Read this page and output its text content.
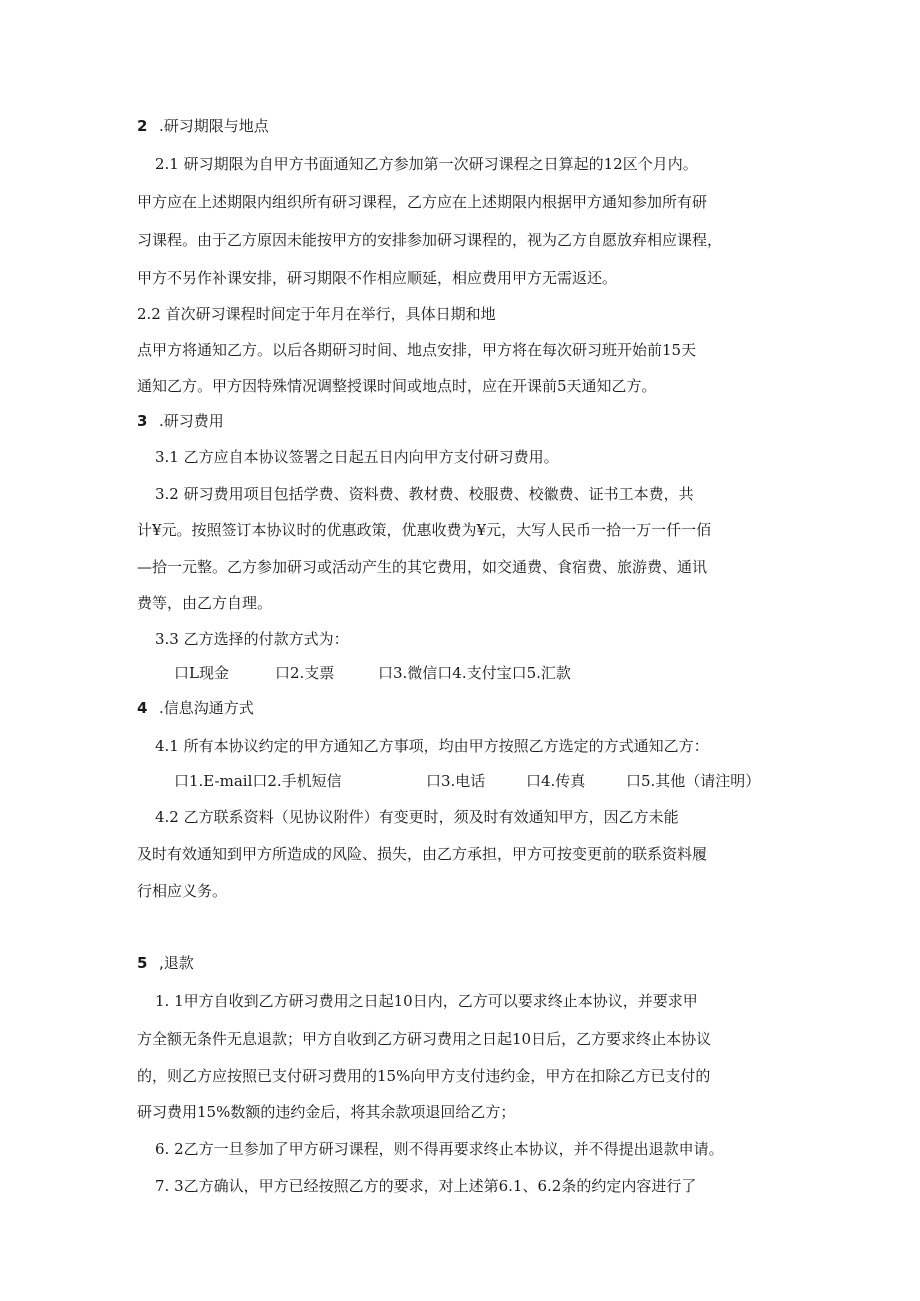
2 .研习期限与地点
2.1 研习期限为自甲方书面通知乙方参加第一次研习课程之日算起的12区个月内。
甲方应在上述期限内组织所有研习课程，乙方应在上述期限内根据甲方通知参加所有研
习课程。由于乙方原因未能按甲方的安排参加研习课程的，视为乙方自愿放弃相应课程，
甲方不另作补课安排，研习期限不作相应顺延，相应费用甲方无需返还。
2.2 首次研习课程时间定于年月在举行，具体日期和地
点甲方将通知乙方。以后各期研习时间、地点安排，甲方将在每次研习班开始前15天
通知乙方。甲方因特殊情况调整授课时间或地点时，应在开课前5天通知乙方。
3 .研习费用
3.1 乙方应自本协议签署之日起五日内向甲方支付研习费用。
3.2 研习费用项目包括学费、资料费、教材费、校服费、校徽费、证书工本费，共
计¥元。按照签订本协议时的优惠政策，优惠收费为¥元，大写人民币一拾一万一仟一佰
—拾一元整。乙方参加研习或活动产生的其它费用，如交通费、食宿费、旅游费、通讯
费等，由乙方自理。
3.3 乙方选择的付款方式为：
口L现金	口2.支票	口3.微信口4.支付宝口5.汇款
4 .信息沟通方式
4.1 所有本协议约定的甲方通知乙方事项，均由甲方按照乙方选定的方式通知乙方：
口1.E-mail口2.手机短信	口3.电话	口4.传真	口5.其他（请注明）
4.2 乙方联系资料（见协议附件）有变更时，须及时有效通知甲方，因乙方未能
及时有效通知到甲方所造成的风险、损失，由乙方承担，甲方可按变更前的联系资料履
行相应义务。
5 ,退款
1. 1甲方自收到乙方研习费用之日起10日内，乙方可以要求终止本协议，并要求甲
方全额无条件无息退款；甲方自收到乙方研习费用之日起10日后，乙方要求终止本协议
的，则乙方应按照已支付研习费用的15%向甲方支付违约金，甲方在扣除乙方已支付的
研习费用15%数额的违约金后，将其余款项退回给乙方；
6. 2乙方一旦参加了甲方研习课程，则不得再要求终止本协议，并不得提出退款申请。
7. 3乙方确认，甲方已经按照乙方的要求，对上述第6.1、6.2条的约定内容进行了
